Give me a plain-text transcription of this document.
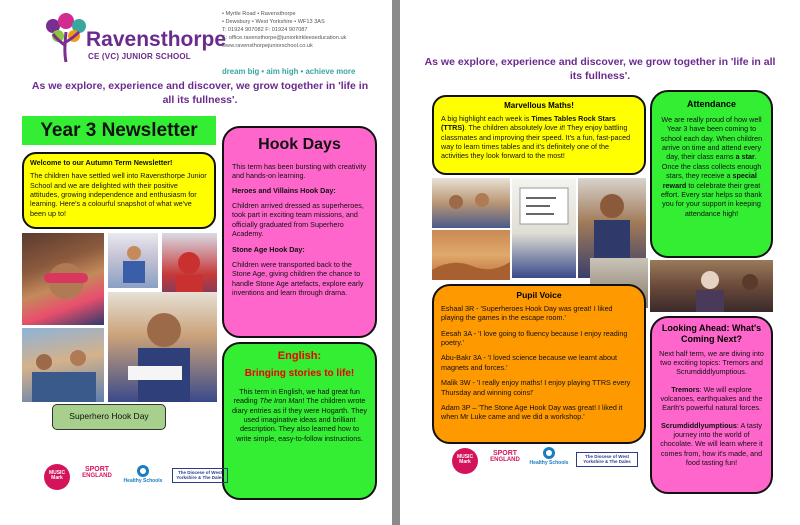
Ravensthorpe
CE (VC) JUNIOR SCHOOL
• Myrtle Road • Ravensthorpe
• Dewsbury • West Yorkshire • WF13 3AS
T: 01924 907082 F: 01924 907087
E: office.ravensthorpe@juniorkirkleeseducation.uk
www.ravensthorpejuniorschool.co.uk
dream big • aim high • achieve more
As we explore, experience and discover, we grow together in 'life in all its fullness'.
Year 3 Newsletter
Welcome to our Autumn Term Newsletter!
The children have settled well into Ravensthorpe Junior School and we are delighted with their positive attitudes, growing independence and enthusiasm for learning. Here's a colourful snapshot of what we've been up to!
Hook Days
This term has been bursting with creativity and hands-on learning.
Heroes and Villains Hook Day:
Children arrived dressed as superheroes, took part in exciting team missions, and officially graduated from Superhero Academy.
Stone Age Hook Day:
Children were transported back to the Stone Age, giving children the chance to handle Stone Age artefacts, explore early inventions and learn through drama.
Superhero Hook Day
English:
Bringing stories to life!
This term in English, we had great fun reading The Iron Man! The children wrote diary entries as if they were Hogarth. They used imaginative ideas and brilliant description. They also learned how to write simple, easy-to-follow instructions.
MUSIC
Mark
SPORT
ENGLAND
Healthy Schools
The Diocese of West Yorkshire & The Dales
As we explore, experience and discover, we grow together in 'life in all its fullness'.
Marvellous Maths!
A big highlight each week is Times Tables Rock Stars (TTRS). The children absolutely love it! They enjoy battling classmates and improving their speed. It's a fun, fast-paced way to learn times tables and it's definitely one of the activities they look forward to the most!
Attendance
We are really proud of how well Year 3 have been coming to school each day. When children arrive on time and attend every day, their class earns a star. Once the class collects enough stars, they receive a special reward to celebrate their great effort. Every star helps so thank you for your support in keeping attendance high!
Pupil Voice
Eshaal 3R - 'Superheroes Hook Day was great! I liked playing the games in the escape room.'
Eesah 3A - 'I love going to fluency because I enjoy reading poetry.'
Abu-Bakr 3A - 'I loved science because we learnt about magnets and forces.'
Malik 3W - 'I really enjoy maths! I enjoy playing TTRS every Thursday and winning coins!'
Adam 3P – 'The Stone Age Hook Day was great! I liked it when Mr Luke came and we did a workshop.'
Looking Ahead: What's Coming Next?
Next half term, we are diving into two exciting topics: Tremors and Scrumdiddlyumptious.
Tremors: We will explore volcanoes, earthquakes and the Earth's powerful natural forces.
Scrumdiddlyumptious: A tasty journey into the world of chocolate. We will learn where it comes from, how it's made, and food tasting fun!
MUSIC
Mark
SPORT
ENGLAND	Healthy Schools
The Diocese of West Yorkshire & The Dales
